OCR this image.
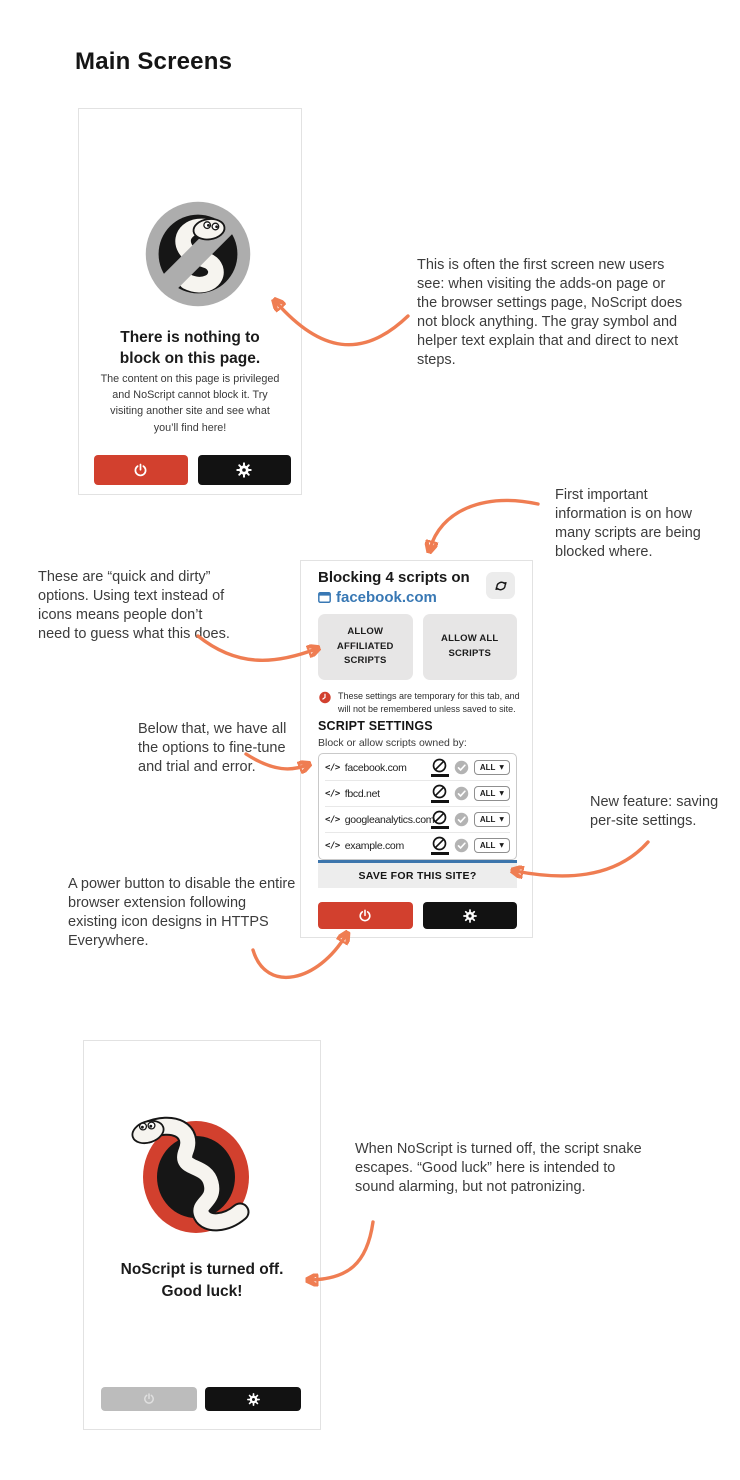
Main Screens
There is nothing to block on this page.

The content on this page is privileged and NoScript cannot block it. Try visiting another site and see what you’ll find here!

Blocking 4 scripts on
facebook.com
ALLOW AFFILIATED SCRIPTS
ALLOW ALL SCRIPTS
These settings are temporary for this tab, and will not be remembered unless saved to site.
SCRIPT SETTINGS

Block or allow scripts owned by:

</> facebook.com	ALL ▼
</> fbcd.net	ALL ▼
</> googleanalytics.com	ALL ▼
</> example.com	ALL ▼
SAVE FOR THIS SITE?
NoScript is turned off.
Good luck!

This is often the first screen new users see: when visiting the adds-on page or the browser settings page, NoScript does not block anything. The gray symbol and helper text explain that and direct to next steps.

First important information is on how many scripts are being blocked where.

These are “quick and dirty” options. Using text instead of icons means people don’t need to guess what this does.

Below that, we have all the options to fine-tune and trial and error.

New feature: saving per-site settings.

A power button to disable the entire browser extension following existing icon designs in HTTPS Everywhere.

When NoScript is turned off, the script snake escapes. “Good luck” here is intended to sound alarming, but not patronizing.
